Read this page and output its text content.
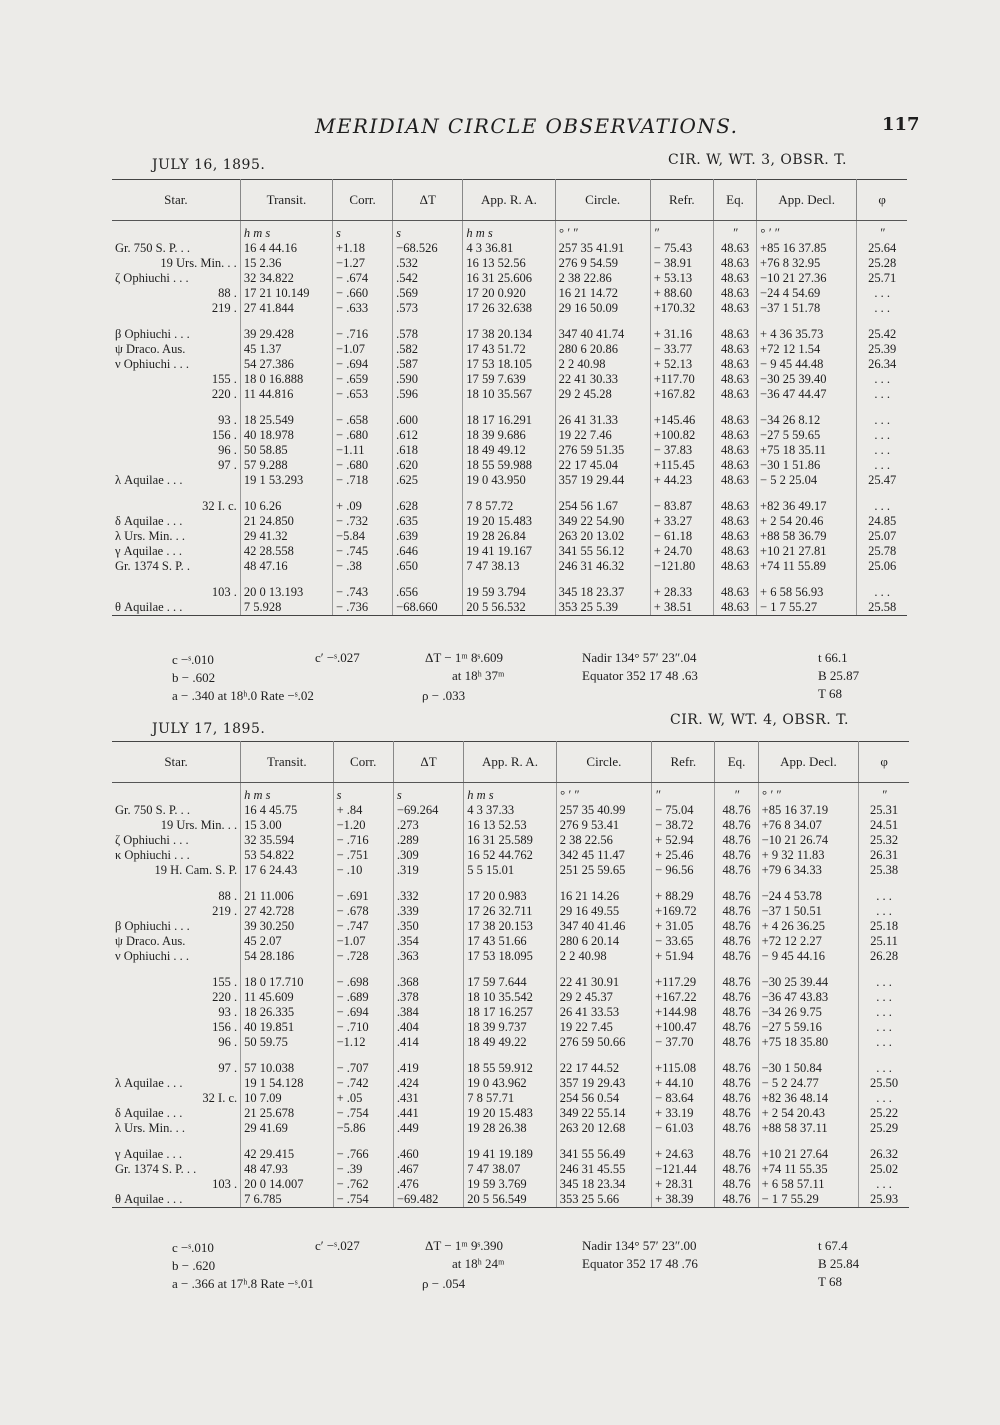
MERIDIAN CIRCLE OBSERVATIONS.	117
JULY 16, 1895.	CIR. W, WT. 3, OBSR. T.
Star.	Transit.	Corr.	ΔT	App. R. A.	Circle.	Refr.	Eq.	App. Decl.	φ
	h m s	s	s	h m s	° ′ ″	″	″	° ′ ″	″
Gr. 750 S. P. . .	16 4 44.16	+1.18	−68.526	4 3 36.81	257 35 41.91	− 75.43	48.63	+85 16 37.85	25.64
19 Urs. Min. . .	15 2.36	−1.27	.532	16 13 52.56	276 9 54.59	− 38.91	48.63	+76 8 32.95	25.28
ζ Ophiuchi . . .	32 34.822	− .674	.542	16 31 25.606	2 38 22.86	+ 53.13	48.63	−10 21 27.36	25.71
88 .	17 21 10.149	− .660	.569	17 20 0.920	16 21 14.72	+ 88.60	48.63	−24 4 54.69	. . .
219 .	27 41.844	− .633	.573	17 26 32.638	29 16 50.09	+170.32	48.63	−37 1 51.78	. . .

β Ophiuchi . . .	39 29.428	− .716	.578	17 38 20.134	347 40 41.74	+ 31.16	48.63	+ 4 36 35.73	25.42
ψ Draco. Aus.	45 1.37	−1.07	.582	17 43 51.72	280 6 20.86	− 33.77	48.63	+72 12 1.54	25.39
ν Ophiuchi . . .	54 27.386	− .694	.587	17 53 18.105	2 2 40.98	+ 52.13	48.63	− 9 45 44.48	26.34
155 .	18 0 16.888	− .659	.590	17 59 7.639	22 41 30.33	+117.70	48.63	−30 25 39.40	. . .
220 .	11 44.816	− .653	.596	18 10 35.567	29 2 45.28	+167.82	48.63	−36 47 44.47	. . .

93 .	18 25.549	− .658	.600	18 17 16.291	26 41 31.33	+145.46	48.63	−34 26 8.12	. . .
156 .	40 18.978	− .680	.612	18 39 9.686	19 22 7.46	+100.82	48.63	−27 5 59.65	. . .
96 .	50 58.85	−1.11	.618	18 49 49.12	276 59 51.35	− 37.83	48.63	+75 18 35.11	. . .
97 .	57 9.288	− .680	.620	18 55 59.988	22 17 45.04	+115.45	48.63	−30 1 51.86	. . .
λ Aquilae . . .	19 1 53.293	− .718	.625	19 0 43.950	357 19 29.44	+ 44.23	48.63	− 5 2 25.04	25.47

32 I. c.	10 6.26	+ .09	.628	7 8 57.72	254 56 1.67	− 83.87	48.63	+82 36 49.17	. . .
δ Aquilae . . .	21 24.850	− .732	.635	19 20 15.483	349 22 54.90	+ 33.27	48.63	+ 2 54 20.46	24.85
λ Urs. Min. . .	29 41.32	−5.84	.639	19 28 26.84	263 20 13.02	− 61.18	48.63	+88 58 36.79	25.07
γ Aquilae . . .	42 28.558	− .745	.646	19 41 19.167	341 55 56.12	+ 24.70	48.63	+10 21 27.81	25.78
Gr. 1374 S. P. .	48 47.16	− .38	.650	7 47 38.13	246 31 46.32	−121.80	48.63	+74 11 55.89	25.06

103 .	20 0 13.193	− .743	.656	19 59 3.794	345 18 23.37	+ 28.33	48.63	+ 6 58 56.93	. . .
θ Aquilae . . .	7 5.928	− .736	−68.660	20 5 56.532	353 25 5.39	+ 38.51	48.63	− 1 7 55.27	25.58
c −ˢ.010	c′ −ˢ.027
b − .602
a − .340 at 18ʰ.0 Rate −ˢ.02
ΔT − 1ᵐ 8ˢ.609
at 18ʰ 37ᵐ
ρ − .033
Nadir 134° 57′ 23″.04
Equator 352 17 48 .63
t 66.1
B 25.87
T 68
JULY 17, 1895.
CIR. W, WT. 4, OBSR. T.
Star.	Transit.	Corr.	ΔT	App. R. A.	Circle.	Refr.	Eq.	App. Decl.	φ
	h m s	s	s	h m s	° ′ ″	″	″	° ′ ″	″
Gr. 750 S. P. . .	16 4 45.75	+ .84	−69.264	4 3 37.33	257 35 40.99	− 75.04	48.76	+85 16 37.19	25.31
19 Urs. Min. . .	15 3.00	−1.20	.273	16 13 52.53	276 9 53.41	− 38.72	48.76	+76 8 34.07	24.51
ζ Ophiuchi . . .	32 35.594	− .716	.289	16 31 25.589	2 38 22.56	+ 52.94	48.76	−10 21 26.74	25.32
κ Ophiuchi . . .	53 54.822	− .751	.309	16 52 44.762	342 45 11.47	+ 25.46	48.76	+ 9 32 11.83	26.31
19 H. Cam. S. P.	17 6 24.43	− .10	.319	5 5 15.01	251 25 59.65	− 96.56	48.76	+79 6 34.33	25.38

88 .	21 11.006	− .691	.332	17 20 0.983	16 21 14.26	+ 88.29	48.76	−24 4 53.78	. . .
219 .	27 42.728	− .678	.339	17 26 32.711	29 16 49.55	+169.72	48.76	−37 1 50.51	. . .
β Ophiuchi . . .	39 30.250	− .747	.350	17 38 20.153	347 40 41.46	+ 31.05	48.76	+ 4 26 36.25	25.18
ψ Draco. Aus.	45 2.07	−1.07	.354	17 43 51.66	280 6 20.14	− 33.65	48.76	+72 12 2.27	25.11
ν Ophiuchi . . .	54 28.186	− .728	.363	17 53 18.095	2 2 40.98	+ 51.94	48.76	− 9 45 44.16	26.28

155 .	18 0 17.710	− .698	.368	17 59 7.644	22 41 30.91	+117.29	48.76	−30 25 39.44	. . .
220 .	11 45.609	− .689	.378	18 10 35.542	29 2 45.37	+167.22	48.76	−36 47 43.83	. . .
93 .	18 26.335	− .694	.384	18 17 16.257	26 41 33.53	+144.98	48.76	−34 26 9.75	. . .
156 .	40 19.851	− .710	.404	18 39 9.737	19 22 7.45	+100.47	48.76	−27 5 59.16	. . .
96 .	50 59.75	−1.12	.414	18 49 49.22	276 59 50.66	− 37.70	48.76	+75 18 35.80	. . .

97 .	57 10.038	− .707	.419	18 55 59.912	22 17 44.52	+115.08	48.76	−30 1 50.84	. . .
λ Aquilae . . .	19 1 54.128	− .742	.424	19 0 43.962	357 19 29.43	+ 44.10	48.76	− 5 2 24.77	25.50
32 I. c.	10 7.09	+ .05	.431	7 8 57.71	254 56 0.54	− 83.64	48.76	+82 36 48.14	. . .
δ Aquilae . . .	21 25.678	− .754	.441	19 20 15.483	349 22 55.14	+ 33.19	48.76	+ 2 54 20.43	25.22
λ Urs. Min. . .	29 41.69	−5.86	.449	19 28 26.38	263 20 12.68	− 61.03	48.76	+88 58 37.11	25.29

γ Aquilae . . .	42 29.415	− .766	.460	19 41 19.189	341 55 56.49	+ 24.63	48.76	+10 21 27.64	26.32
Gr. 1374 S. P. . .	48 47.93	− .39	.467	7 47 38.07	246 31 45.55	−121.44	48.76	+74 11 55.35	25.02
103 .	20 0 14.007	− .762	.476	19 59 3.769	345 18 23.34	+ 28.31	48.76	+ 6 58 57.11	. . .
θ Aquilae . . .	7 6.785	− .754	−69.482	20 5 56.549	353 25 5.66	+ 38.39	48.76	− 1 7 55.29	25.93
c −ˢ.010	c′ −ˢ.027
b − .620
a − .366 at 17ʰ.8 Rate −ˢ.01
ΔT − 1ᵐ 9ˢ.390
at 18ʰ 24ᵐ
ρ − .054
Nadir 134° 57′ 23″.00
Equator 352 17 48 .76
t 67.4
B 25.84
T 68
